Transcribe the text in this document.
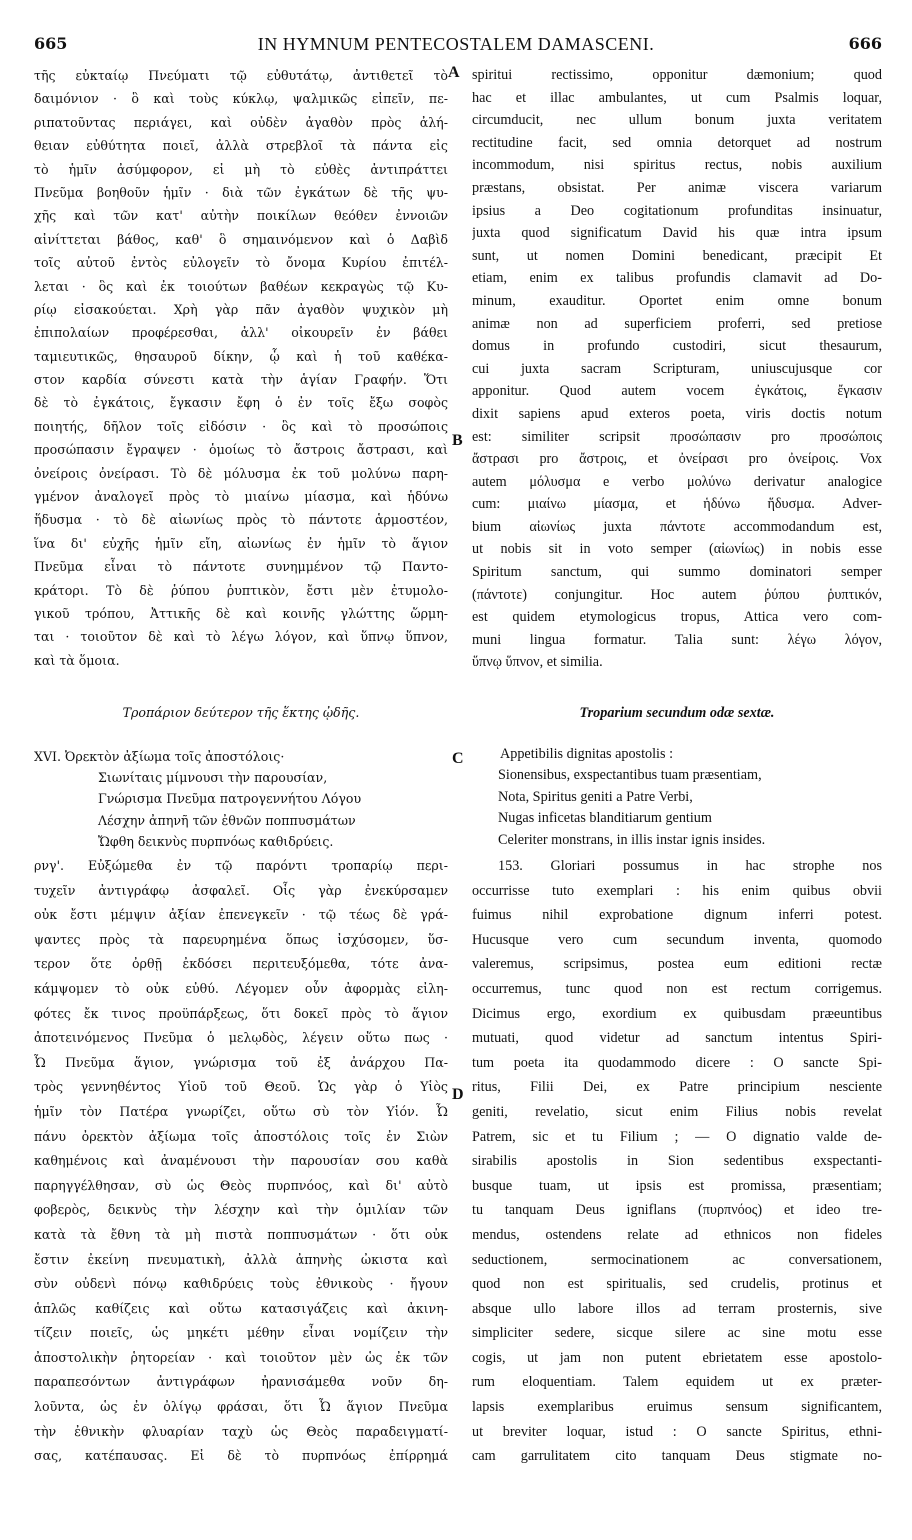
665	IN HYMNUM PENTECOSTALEM DAMASCENI.	666
A
B
C
D
τῆς εὐκταίῳ Πνεύματι τῷ εὐθυτάτῳ, ἀντιθετεῖ τὸ
δαιμόνιον · ὃ καὶ τοὺς κύκλῳ, ψαλμικῶς εἰπεῖν, πε-
ριπατοῦντας περιάγει, καὶ οὐδὲν ἀγαθὸν πρὸς ἀλή-
θειαν εὐθύτητα ποιεῖ, ἀλλὰ στρεβλοῖ τὰ πάντα εἰς
τὸ ἡμῖν ἀσύμφορον, εἰ μὴ τὸ εὐθὲς ἀντιπράττει
Πνεῦμα βοηθοῦν ἡμῖν · διὰ τῶν ἐγκάτων δὲ τῆς ψυ-
χῆς καὶ τῶν κατ' αὐτὴν ποικίλων θεόθεν ἐννοιῶν
αἰνίττεται βάθος, καθ' ὃ σημαινόμενον καὶ ὁ Δαβὶδ
τοῖς αὐτοῦ ἐντὸς εὐλογεῖν τὸ ὄνομα Κυρίου ἐπιτέλ-
λεται · ὃς καὶ ἐκ τοιούτων βαθέων κεκραγὼς τῷ Κυ-
ρίῳ εἰσακούεται. Χρὴ γὰρ πᾶν ἀγαθὸν ψυχικὸν μὴ
ἐπιπολαίων προφέρεσθαι, ἀλλ' οἰκουρεῖν ἐν βάθει
ταμιευτικῶς, θησαυροῦ δίκην, ᾧ καὶ ἡ τοῦ καθέκα-
στον καρδία σύνεστι κατὰ τὴν ἁγίαν Γραφήν. Ὅτι
δὲ τὸ ἐγκάτοις, ἔγκασιν ἔφη ὁ ἐν τοῖς ἔξω σοφὸς
ποιητής, δῆλον τοῖς εἰδόσιν · ὃς καὶ τὸ προσώποις
προσώπασιν ἔγραψεν · ὁμοίως τὸ ἄστροις ἄστρασι, καὶ
ὀνείροις ὀνείρασι. Τὸ δὲ μόλυσμα ἐκ τοῦ μολύνω παρη-
γμένον ἀναλογεῖ πρὸς τὸ μιαίνω μίασμα, καὶ ἡδύνω
ἥδυσμα · τὸ δὲ αἰωνίως πρὸς τὸ πάντοτε ἁρμοστέον,
ἵνα δι' εὐχῆς ἡμῖν εἴη, αἰωνίως ἐν ἡμῖν τὸ ἅγιον
Πνεῦμα εἶναι τὸ πάντοτε συνημμένον τῷ Παντο-
κράτορι. Τὸ δὲ ῥύπου ῥυπτικὸν, ἔστι μὲν ἐτυμολο-
γικοῦ τρόπου, Ἀττικῆς δὲ καὶ κοινῆς γλώττης ὥρμη-
ται · τοιοῦτον δὲ καὶ τὸ λέγω λόγον, καὶ ὕπνῳ ὕπνον,
καὶ τὰ ὅμοια.
spiritui rectissimo, opponitur dæmonium; quod
hac et illac ambulantes, ut cum Psalmis loquar,
circumducit, nec ullum bonum juxta veritatem
rectitudine facit, sed omnia detorquet ad nostrum
incommodum, nisi spiritus rectus, nobis auxilium
præstans, obsistat. Per animæ viscera variarum
ipsius a Deo cogitationum profunditas insinuatur,
juxta quod significatum David his quæ intra ipsum
sunt, ut nomen Domini benedicant, præcipit Et
etiam, enim ex talibus profundis clamavit ad Do-
minum, exauditur. Oportet enim omne bonum
animæ non ad superficiem proferri, sed pretiose
domus in profundo custodiri, sicut thesaurum,
cui juxta sacram Scripturam, uniuscujusque cor
apponitur. Quod autem vocem ἐγκάτοις, ἔγκασιν
dixit sapiens apud exteros poeta, viris doctis notum
est: similiter scripsit προσώπασιν pro προσώποις
ἄστρασι pro ἄστροις, et ὀνείρασι pro ὀνείροις. Vox
autem μόλυσμα e verbo μολύνω derivatur analogice
cum: μιαίνω μίασμα, et ἡδύνω ἥδυσμα. Adver-
bium αἰωνίως juxta πάντοτε accommodandum est,
ut nobis sit in voto semper (αἰωνίως) in nobis esse
Spiritum sanctum, qui summo dominatori semper
(πάντοτε) conjungitur. Hoc autem ῥύπου ῥυπτικόν,
est quidem etymologicus tropus, Attica vero com-
muni lingua formatur. Talia sunt: λέγω λόγον,
ὕπνῳ ὕπνον, et similia.
Τροπάριον δεύτερον τῆς ἕκτης ᾠδῆς.	Troparium secundum odæ sextæ.
XVI. Ὀρεκτὸν ἀξίωμα τοῖς ἀποστόλοις·
Σιωνίταις μίμνουσι τὴν παρουσίαν,
Γνώρισμα Πνεῦμα πατρογεννήτου Λόγου
Λέσχην ἀπηνῆ τῶν ἐθνῶν ποππυσμάτων
Ὤφθη δεικνὺς πυρπνόως καθιδρύεις.
Appetibilis dignitas apostolis :
Sionensibus, exspectantibus tuam præsentiam,
Nota, Spiritus geniti a Patre Verbi,
Nugas inficetas blanditiarum gentium
Celeriter monstrans, in illis instar ignis insides.
ρνγ'. Εὐξώμεθα ἐν τῷ παρόντι τροπαρίῳ περι-
τυχεῖν ἀντιγράφῳ ἀσφαλεῖ. Οἷς γὰρ ἐνεκύρσαμεν
οὐκ ἔστι μέμψιν ἀξίαν ἐπενεγκεῖν · τῷ τέως δὲ γρά-
ψαντες πρὸς τὰ παρευρημένα ὅπως ἰσχύσομεν, ὕσ-
τερον ὅτε ὀρθῇ ἐκδόσει περιτευξόμεθα, τότε ἀνα-
κάμψομεν τὸ οὐκ εὐθύ. Λέγομεν οὖν ἀφορμὰς εἰλη-
φότες ἔκ τινος προϋπάρξεως, ὅτι δοκεῖ πρὸς τὸ ἅγιον
ἀποτεινόμενος Πνεῦμα ὁ μελῳδὸς, λέγειν οὕτω πως ·
Ὦ Πνεῦμα ἅγιον, γνώρισμα τοῦ ἐξ ἀνάρχου Πα-
τρὸς γεννηθέντος Υἱοῦ τοῦ Θεοῦ. Ὡς γὰρ ὁ Υἱὸς
ἡμῖν τὸν Πατέρα γνωρίζει, οὕτω σὺ τὸν Υἱόν. Ὦ
πάνυ ὀρεκτὸν ἀξίωμα τοῖς ἀποστόλοις τοῖς ἐν Σιὼν
καθημένοις καὶ ἀναμένουσι τὴν παρουσίαν σου καθὰ
παρηγγέλθησαν, σὺ ὡς Θεὸς πυρπνόος, καὶ δι' αὐτὸ
φοβερὸς, δεικνὺς τὴν λέσχην καὶ τὴν ὁμιλίαν τῶν
κατὰ τὰ ἔθνη τὰ μὴ πιστὰ ποππυσμάτων · ὅτι οὐκ
ἔστιν ἐκείνη πνευματικὴ, ἀλλὰ ἀπηνὴς ὠκιστα καὶ
σὺν οὐδενὶ πόνῳ καθιδρύεις τοὺς ἐθνικοὺς · ἤγουν
ἁπλῶς καθίζεις καὶ οὕτω κατασιγάζεις καὶ ἀκινη-
τίζειν ποιεῖς, ὡς μηκέτι μέθην εἶναι νομίζειν τὴν
ἀποστολικὴν ῥητορείαν · καὶ τοιοῦτον μὲν ὡς ἐκ τῶν
παραπεσόντων ἀντιγράφων ἠρανισάμεθα νοῦν δη-
λοῦντα, ὡς ἐν ὀλίγῳ φράσαι, ὅτι Ὦ ἅγιον Πνεῦμα
τὴν ἐθνικὴν φλυαρίαν ταχὺ ὡς Θεὸς παραδειγματί-
σας, κατέπαυσας. Εἰ δὲ τὸ πυρπνόως ἐπίρρημά
153. Gloriari possumus in hac strophe nos
occurrisse tuto exemplari : his enim quibus obvii
fuimus nihil exprobatione dignum inferri potest.
Hucusque vero cum secundum inventa, quomodo
valeremus, scripsimus, postea eum editioni rectæ
occurremus, tunc quod non est rectum corrigemus.
Dicimus ergo, exordium ex quibusdam præeuntibus
mutuati, quod videtur ad sanctum intentus Spiri-
tum poeta ita quodammodo dicere : O sancte Spi-
ritus, Filii Dei, ex Patre principium nesciente
geniti, revelatio, sicut enim Filius nobis revelat
Patrem, sic et tu Filium ; — O dignatio valde de-
sirabilis apostolis in Sion sedentibus exspectanti-
busque tuam, ut ipsis est promissa, præsentiam;
tu tanquam Deus igniflans (πυρπνόος) et ideo tre-
mendus, ostendens relate ad ethnicos non fideles
seductionem, sermocinationem ac conversationem,
quod non est spiritualis, sed crudelis, protinus et
absque ullo labore illos ad terram prosternis, sive
simpliciter sedere, sicque silere ac sine motu esse
cogis, ut jam non putent ebrietatem esse apostolo-
rum eloquentiam. Talem equidem ut ex præter-
lapsis exemplaribus eruimus sensum significantem,
ut breviter loquar, istud : O sancte Spiritus, ethni-
cam garrulitatem cito tanquam Deus stigmate no-
